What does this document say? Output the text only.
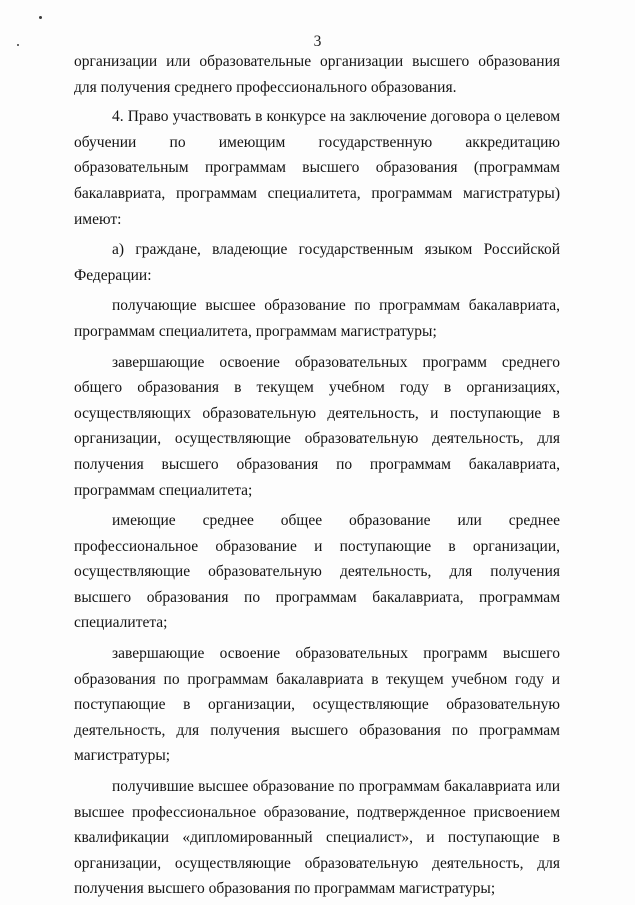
3

организации или образовательные организации высшего образования для получения среднего профессионального образования.

4. Право участвовать в конкурсе на заключение договора о целевом обучении по имеющим государственную аккредитацию образовательным программам высшего образования (программам бакалавриата, программам специалитета, программам магистратуры) имеют:

а) граждане, владеющие государственным языком Российской Федерации:

получающие высшее образование по программам бакалавриата, программам специалитета, программам магистратуры;

завершающие освоение образовательных программ среднего общего образования в текущем учебном году в организациях, осуществляющих образовательную деятельность, и поступающие в организации, осуществляющие образовательную деятельность, для получения высшего образования по программам бакалавриата, программам специалитета;

имеющие среднее общее образование или среднее профессиональное образование и поступающие в организации, осуществляющие образовательную деятельность, для получения высшего образования по программам бакалавриата, программам специалитета;

завершающие освоение образовательных программ высшего образования по программам бакалавриата в текущем учебном году и поступающие в организации, осуществляющие образовательную деятельность, для получения высшего образования по программам магистратуры;

получившие высшее образование по программам бакалавриата или высшее профессиональное образование, подтвержденное присвоением квалификации «дипломированный специалист», и поступающие в организации, осуществляющие образовательную деятельность, для получения высшего образования по программам магистратуры;
